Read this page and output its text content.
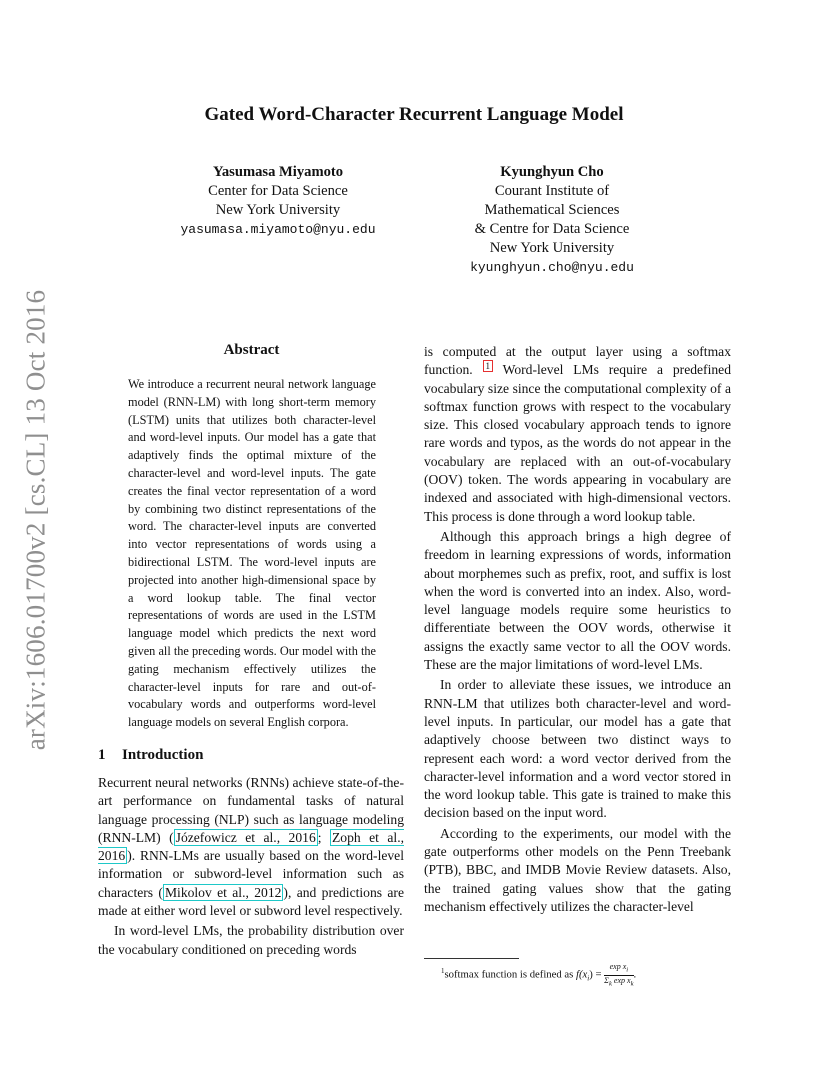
arXiv:1606.01700v2 [cs.CL] 13 Oct 2016
Gated Word-Character Recurrent Language Model
Yasumasa Miyamoto
Center for Data Science
New York University
yasumasa.miyamoto@nyu.edu
Kyunghyun Cho
Courant Institute of
Mathematical Sciences
& Centre for Data Science
New York University
kyunghyun.cho@nyu.edu
Abstract
We introduce a recurrent neural network language model (RNN-LM) with long short-term memory (LSTM) units that utilizes both character-level and word-level inputs. Our model has a gate that adaptively finds the optimal mixture of the character-level and word-level inputs. The gate creates the final vector representation of a word by combining two distinct representations of the word. The character-level inputs are converted into vector representations of words using a bidirectional LSTM. The word-level inputs are projected into another high-dimensional space by a word lookup table. The final vector representations of words are used in the LSTM language model which predicts the next word given all the preceding words. Our model with the gating mechanism effectively utilizes the character-level inputs for rare and out-of-vocabulary words and outperforms word-level language models on several English corpora.
1 Introduction

Recurrent neural networks (RNNs) achieve state-of-the-art performance on fundamental tasks of natural language processing (NLP) such as language modeling (RNN-LM) ( Józefowicz et al., 2016 ; Zoph et al., 2016 ). RNN-LMs are usually based on the word-level information or subword-level information such as characters ( Mikolov et al., 2012 ), and predictions are made at either word level or subword level respectively.

In word-level LMs, the probability distribution over the vocabulary conditioned on preceding words

is computed at the output layer using a softmax function. $^1$ Word-level LMs require a predefined vocabulary size since the computational complexity of a softmax function grows with respect to the vocabulary size. This closed vocabulary approach tends to ignore rare words and typos, as the words do not appear in the vocabulary are replaced with an out-of-vocabulary (OOV) token. The words appearing in vocabulary are indexed and associated with high-dimensional vectors. This process is done through a word lookup table.

Although this approach brings a high degree of freedom in learning expressions of words, information about morphemes such as prefix, root, and suffix is lost when the word is converted into an index. Also, word-level language models require some heuristics to differentiate between the OOV words, otherwise it assigns the exactly same vector to all the OOV words. These are the major limitations of word-level LMs.

In order to alleviate these issues, we introduce an RNN-LM that utilizes both character-level and word-level inputs. In particular, our model has a gate that adaptively choose between two distinct ways to represent each word: a word vector derived from the character-level information and a word vector stored in the word lookup table. This gate is trained to make this decision based on the input word.

According to the experiments, our model with the gate outperforms other models on the Penn Treebank (PTB), BBC, and IMDB Movie Review datasets. Also, the trained gating values show that the gating mechanism effectively utilizes the character-level

$^1$softmax function is defined as $f(x_i) = \frac{\exp x_i}{\Sigma_k \exp x_k}$ .
